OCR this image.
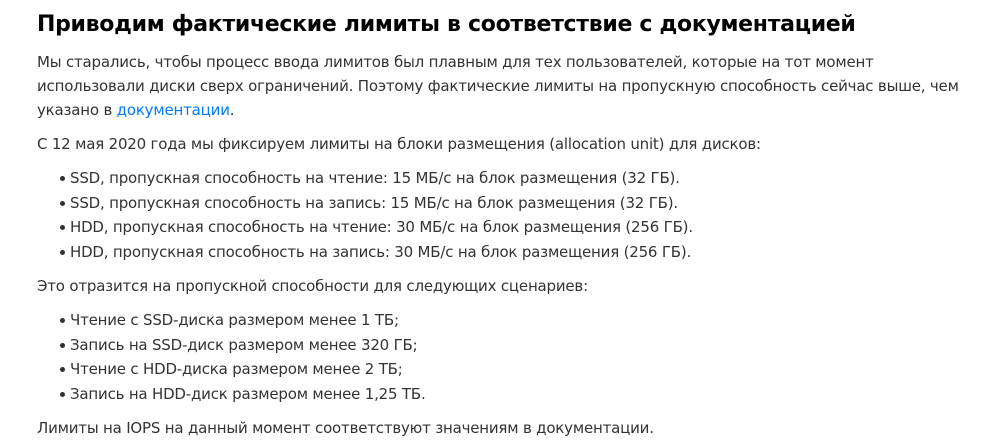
Приводим фактические лимиты в соответствие с документацией

Мы старались, чтобы процесс ввода лимитов был плавным для тех пользователей, которые на тот момент использовали диски сверх ограничений. Поэтому фактические лимиты на пропускную способность сейчас выше, чем указано в документации.

С 12 мая 2020 года мы фиксируем лимиты на блоки размещения (allocation unit) для дисков:

SSD, пропускная способность на чтение: 15 МБ/с на блок размещения (32 ГБ).
SSD, пропускная способность на запись: 15 МБ/с на блок размещения (32 ГБ).
HDD, пропускная способность на чтение: 30 МБ/с на блок размещения (256 ГБ).
HDD, пропускная способность на запись: 30 МБ/с на блок размещения (256 ГБ).

Это отразится на пропускной способности для следующих сценариев:

Чтение с SSD-диска размером менее 1 ТБ;
Запись на SSD-диск размером менее 320 ГБ;
Чтение с HDD-диска размером менее 2 ТБ;
Запись на HDD-диск размером менее 1,25 ТБ.

Лимиты на IOPS на данный момент соответствуют значениям в документации.
